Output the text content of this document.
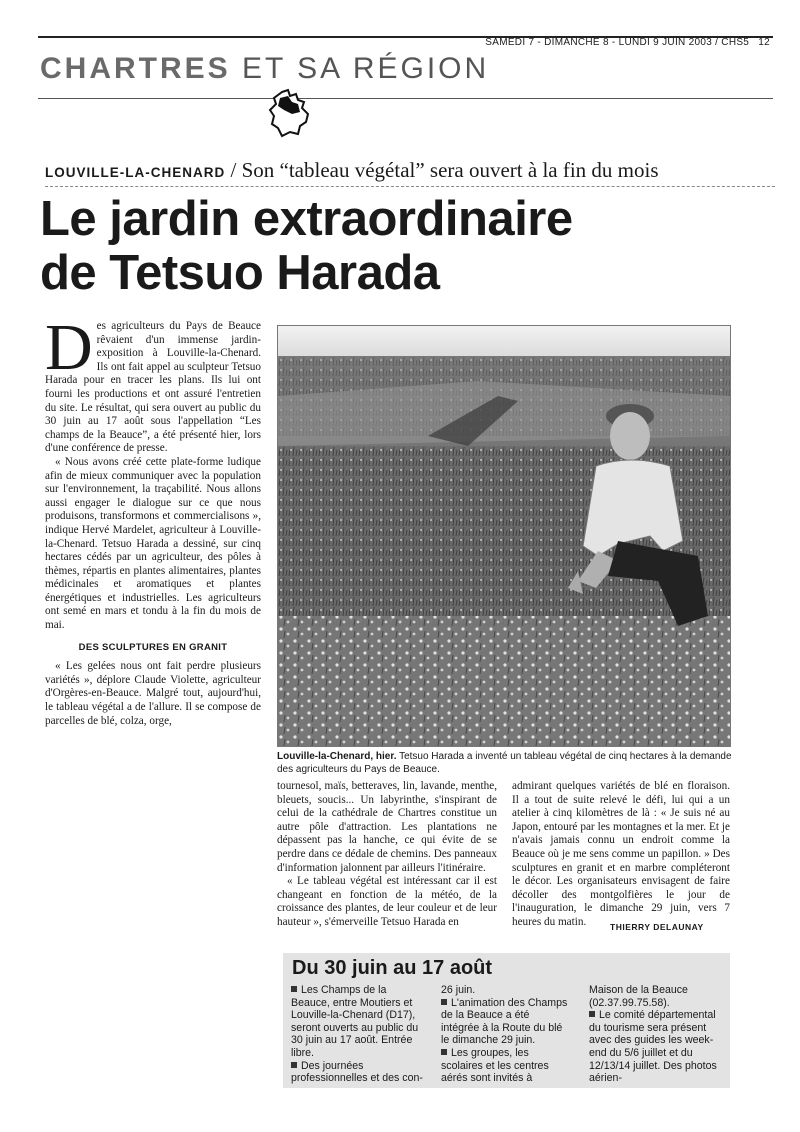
SAMEDI 7 - DIMANCHE 8 - LUNDI 9 JUIN 2003 / CHS5 12
CHARTRES ET SA RÉGION
LOUVILLE-LA-CHENARD / Son “tableau végétal” sera ouvert à la fin du mois
Le jardin extraordinaire
de Tetsuo Harada
D es agriculteurs du Pays de Beauce rêvaient d'un immense jardin-exposition à Louville-la-Chenard. Ils ont fait appel au sculpteur Tetsuo Harada pour en tracer les plans. Ils lui ont fourni les productions et ont assuré l'entretien du site. Le résultat, qui sera ouvert au public du 30 juin au 17 août sous l'appellation “Les champs de la Beauce”, a été présenté hier, lors d'une conférence de presse.

« Nous avons créé cette plate-forme ludique afin de mieux communiquer avec la population sur l'environnement, la traçabilité. Nous allons aussi engager le dialogue sur ce que nous produisons, transformons et commercialisons », indique Hervé Mardelet, agriculteur à Louville-la-Chenard. Tetsuo Harada a dessiné, sur cinq hectares cédés par un agriculteur, des pôles à thèmes, répartis en plantes alimentaires, plantes médicinales et aromatiques et plantes énergétiques et industrielles. Les agriculteurs ont semé en mars et tondu à la fin du mois de mai.

DES SCULPTURES EN GRANIT

« Les gelées nous ont fait perdre plusieurs variétés », déplore Claude Violette, agriculteur d'Orgères-en-Beauce. Malgré tout, aujourd'hui, le tableau végétal a de l'allure. Il se compose de parcelles de blé, colza, orge,

Louville-la-Chenard, hier. Tetsuo Harada a inventé un tableau végétal de cinq hectares à la demande des agriculteurs du Pays de Beauce.

tournesol, maïs, betteraves, lin, lavande, menthe, bleuets, soucis... Un labyrinthe, s'inspirant de celui de la cathédrale de Chartres constitue un autre pôle d'attraction. Les plantations ne dépassent pas la hanche, ce qui évite de se perdre dans ce dédale de chemins. Des panneaux d'information jalonnent par ailleurs l'itinéraire.

« Le tableau végétal est intéressant car il est changeant en fonction de la météo, de la croissance des plantes, de leur couleur et de leur hauteur », s'émerveille Tetsuo Harada en

admirant quelques variétés de blé en floraison. Il a tout de suite relevé le défi, lui qui a un atelier à cinq kilomètres de là : « Je suis né au Japon, entouré par les montagnes et la mer. Et je n'avais jamais connu un endroit comme la Beauce où je me sens comme un papillon. » Des sculptures en granit et en marbre compléteront le décor. Les organisateurs envisagent de faire décoller des montgolfières le jour de l'inauguration, le dimanche 29 juin, vers 7 heures du matin.	THIERRY DELAUNAY
Du 30 juin au 17 août

Les Champs de la Beauce, entre Moutiers et Louville-la-Chenard (D17), seront ouverts au public du 30 juin au 17 août. Entrée libre.

Des journées professionnelles et des con-

26 juin.

L'animation des Champs de la Beauce a été intégrée à la Route du blé le dimanche 29 juin.

Les groupes, les scolaires et les centres aérés sont invités à

Maison de la Beauce (02.37.99.75.58).

Le comité départemental du tourisme sera présent avec des guides les week-end du 5/6 juillet et du 12/13/14 juillet. Des photos aérien-
